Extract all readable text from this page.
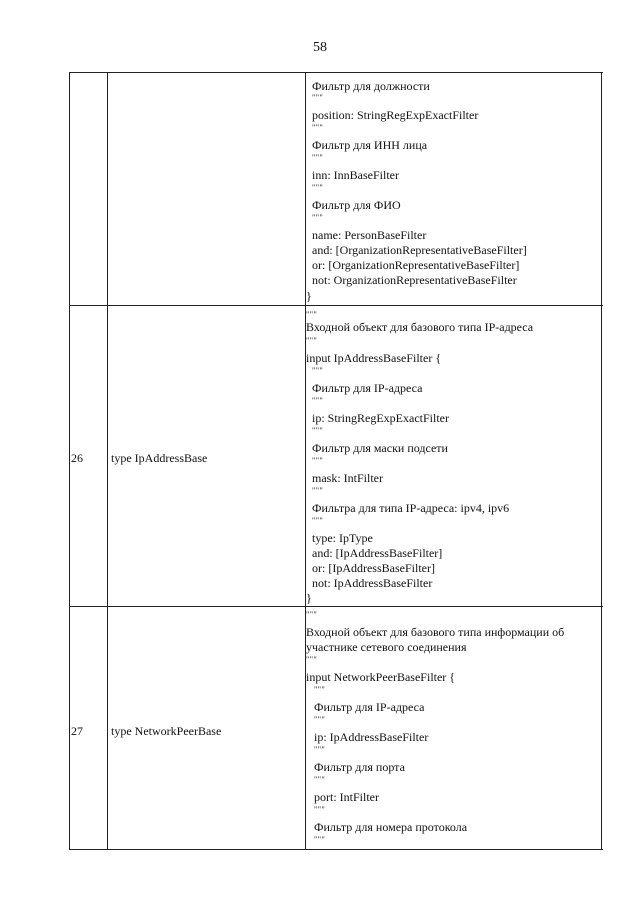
58
Фильтр для должности
"""
position: StringRegExpExactFilter
"""
Фильтр для ИНН лица
"""
inn: InnBaseFilter
"""
Фильтр для ФИО
"""
name: PersonBaseFilter
and: [OrganizationRepresentativeBaseFilter]
or: [OrganizationRepresentativeBaseFilter]
not: OrganizationRepresentativeBaseFilter
}
26 type IpAddressBase
"""
Входной объект для базового типа IP-адреса
"""
input IpAddressBaseFilter {
"""
Фильтр для IP-адреса
"""
ip: StringRegExpExactFilter
"""
Фильтр для маски подсети
"""
mask: IntFilter
"""
Фильтра для типа IP-адреса: ipv4, ipv6
"""
type: IpType
and: [IpAddressBaseFilter]
or: [IpAddressBaseFilter]
not: IpAddressBaseFilter
}
27 type NetworkPeerBase
"""
Входной объект для базового типа информации об
участнике сетевого соединения
"""
input NetworkPeerBaseFilter {
"""
Фильтр для IP-адреса
"""
ip: IpAddressBaseFilter
"""
Фильтр для порта
"""
port: IntFilter
"""
Фильтр для номера протокола
"""
